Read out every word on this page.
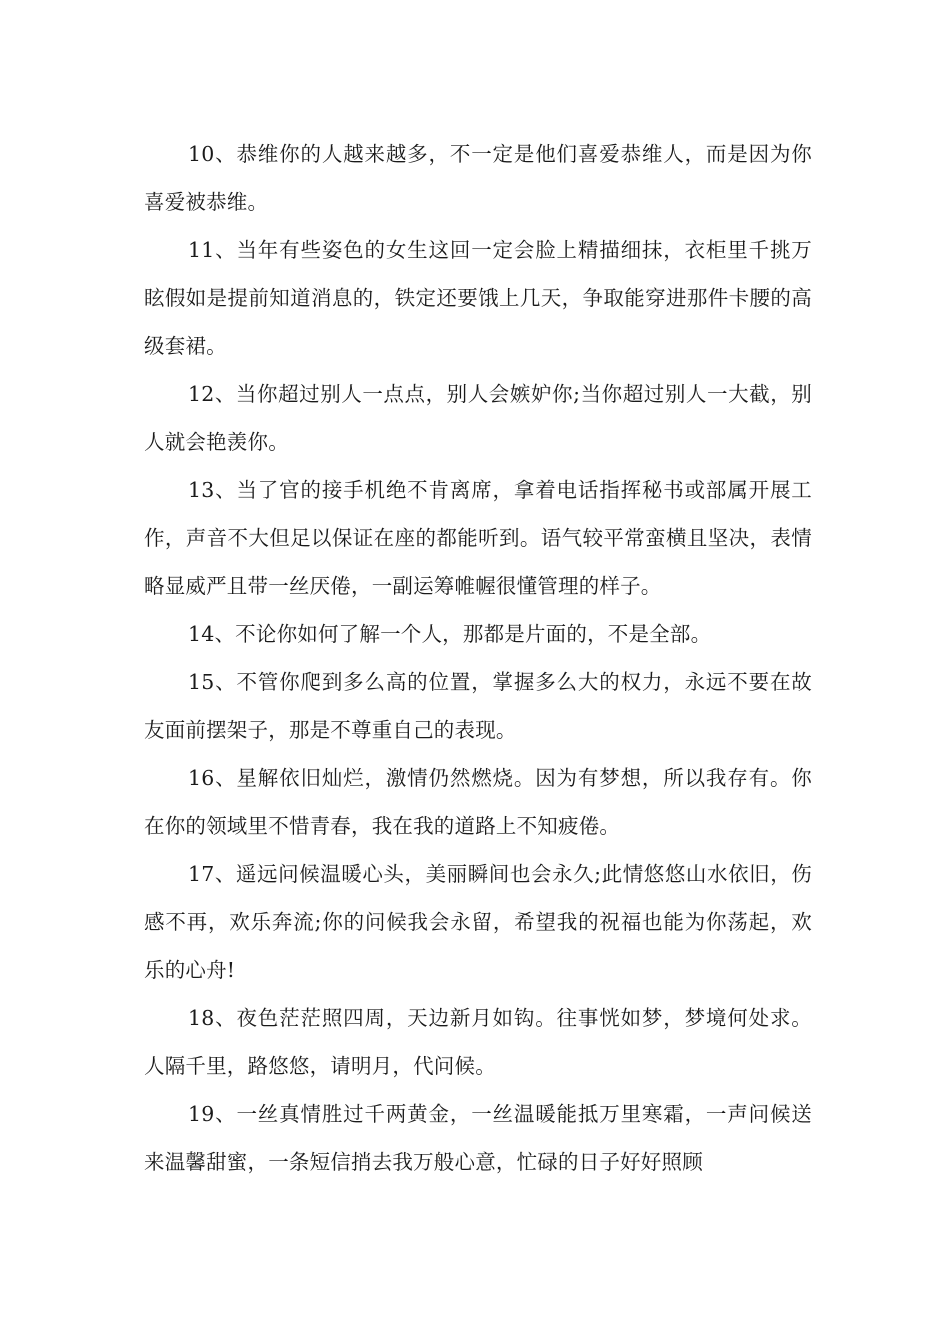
10、恭维你的人越来越多，不一定是他们喜爱恭维人，而是因为你喜爱被恭维。

11、当年有些姿色的女生这回一定会脸上精描细抹，衣柜里千挑万眩假如是提前知道消息的，铁定还要饿上几天，争取能穿进那件卡腰的高级套裙。

12、当你超过别人一点点，别人会嫉妒你;当你超过别人一大截，别人就会艳羡你。

13、当了官的接手机绝不肯离席，拿着电话指挥秘书或部属开展工作，声音不大但足以保证在座的都能听到。语气较平常蛮横且坚决，表情略显威严且带一丝厌倦，一副运筹帷幄很懂管理的样子。

14、不论你如何了解一个人，那都是片面的，不是全部。

15、不管你爬到多么高的位置，掌握多么大的权力，永远不要在故友面前摆架子，那是不尊重自己的表现。

16、星解依旧灿烂，激情仍然燃烧。因为有梦想，所以我存有。你在你的领域里不惜青春，我在我的道路上不知疲倦。

17、遥远问候温暖心头，美丽瞬间也会永久;此情悠悠山水依旧，伤感不再，欢乐奔流;你的问候我会永留，希望我的祝福也能为你荡起，欢乐的心舟!

18、夜色茫茫照四周，天边新月如钩。往事恍如梦，梦境何处求。人隔千里，路悠悠，请明月，代问候。

19、一丝真情胜过千两黄金，一丝温暖能抵万里寒霜，一声问候送来温馨甜蜜，一条短信捎去我万般心意，忙碌的日子好好照顾
